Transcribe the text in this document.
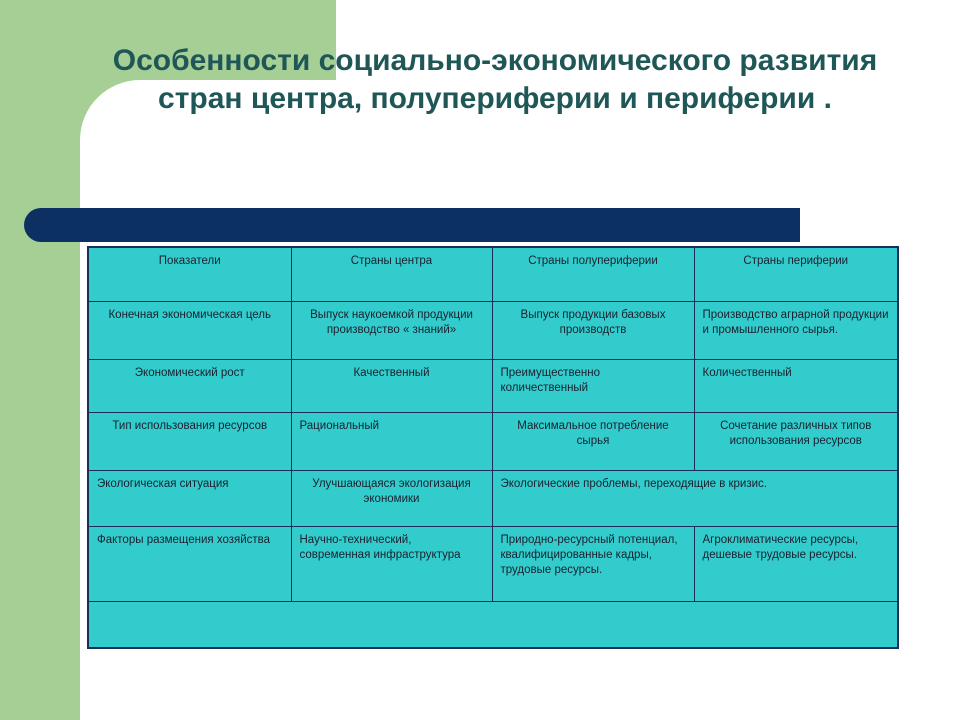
Особенности социально-экономического развития стран центра, полупериферии и периферии .
Показатели	Страны центра	Страны полупериферии	Страны периферии
Конечная экономическая цель	Выпуск наукоемкой продукции производство « знаний»	Выпуск продукции базовых производств	Производство аграрной продукции и промышленного сырья.
Экономический рост	Качественный	Преимущественно количественный	Количественный
Тип использования ресурсов	Рациональный	Максимальное потребление сырья	Сочетание различных типов использования ресурсов
Экологическая ситуация	Улучшающаяся экологизация экономики	Экологические проблемы, переходящие в кризис.	
Факторы размещения хозяйства	Научно-технический, современная инфраструктура	Природно-ресурсный потенциал, квалифицированные кадры, трудовые ресурсы.	Агроклиматические ресурсы, дешевые трудовые ресурсы.
